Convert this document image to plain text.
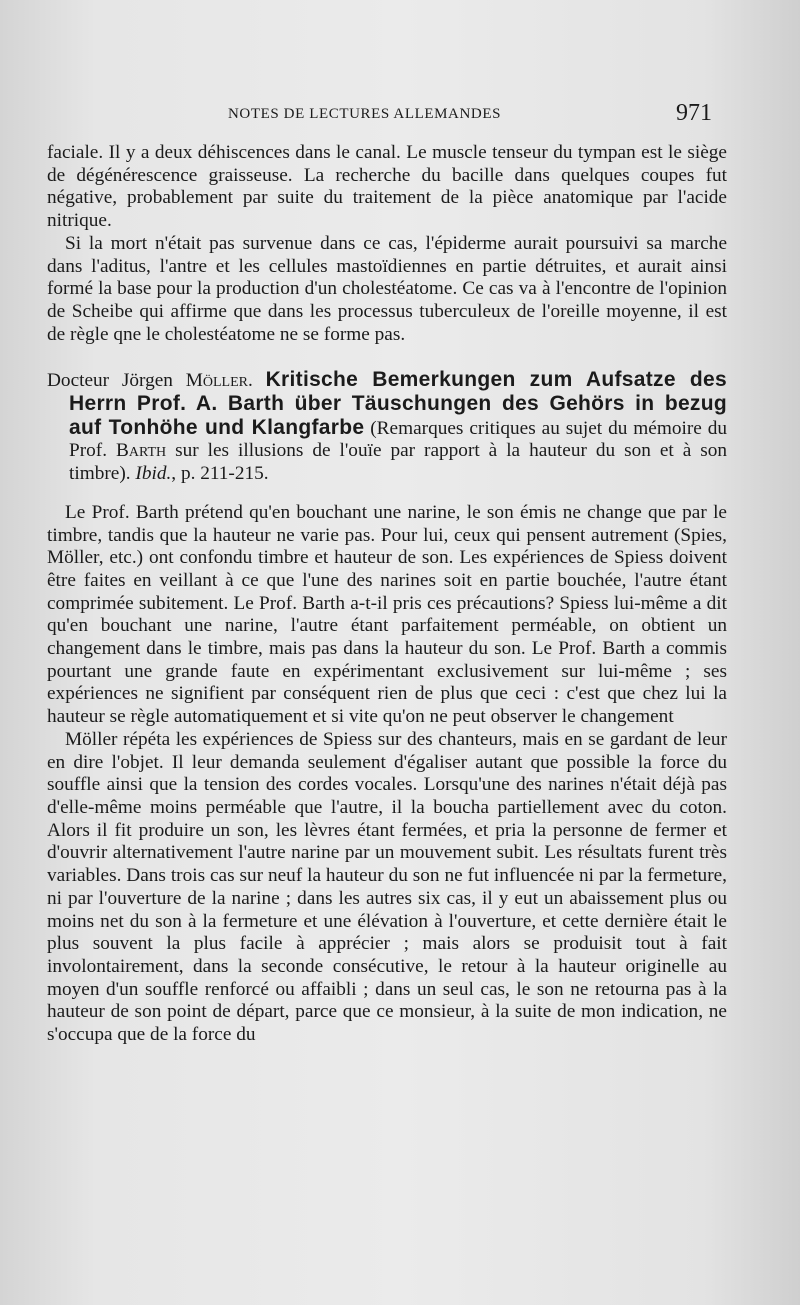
NOTES DE LECTURES ALLEMANDES	971

faciale. Il y a deux déhiscences dans le canal. Le muscle tenseur du tympan est le siège de dégénérescence graisseuse. La recherche du bacille dans quelques coupes fut négative, probablement par suite du traitement de la pièce anatomique par l'acide nitrique.

Si la mort n'était pas survenue dans ce cas, l'épiderme aurait poursuivi sa marche dans l'aditus, l'antre et les cellules mastoïdiennes en partie détruites, et aurait ainsi formé la base pour la production d'un cholestéatome. Ce cas va à l'encontre de l'opinion de Scheibe qui affirme que dans les processus tuberculeux de l'oreille moyenne, il est de règle qne le cholestéatome ne se forme pas.

Docteur Jörgen Möller. Kritische Bemerkungen zum Aufsatze des Herrn Prof. A. Barth über Täuschungen des Gehörs in bezug auf Tonhöhe und Klangfarbe (Remarques critiques au sujet du mémoire du Prof. Barth sur les illusions de l'ouïe par rapport à la hauteur du son et à son timbre). Ibid., p. 211-215.

Le Prof. Barth prétend qu'en bouchant une narine, le son émis ne change que par le timbre, tandis que la hauteur ne varie pas. Pour lui, ceux qui pensent autrement (Spies, Möller, etc.) ont confondu timbre et hauteur de son. Les expériences de Spiess doivent être faites en veillant à ce que l'une des narines soit en partie bouchée, l'autre étant comprimée subitement. Le Prof. Barth a-t-il pris ces précautions? Spiess lui-même a dit qu'en bouchant une narine, l'autre étant parfaitement perméable, on obtient un changement dans le timbre, mais pas dans la hauteur du son. Le Prof. Barth a commis pourtant une grande faute en expérimentant exclusivement sur lui-même ; ses expériences ne signifient par conséquent rien de plus que ceci : c'est que chez lui la hauteur se règle automatiquement et si vite qu'on ne peut observer le changement

Möller répéta les expériences de Spiess sur des chanteurs, mais en se gardant de leur en dire l'objet. Il leur demanda seulement d'égaliser autant que possible la force du souffle ainsi que la tension des cordes vocales. Lorsqu'une des narines n'était déjà pas d'elle-même moins perméable que l'autre, il la boucha partiellement avec du coton. Alors il fit produire un son, les lèvres étant fermées, et pria la personne de fermer et d'ouvrir alternativement l'autre narine par un mouvement subit. Les résultats furent très variables. Dans trois cas sur neuf la hauteur du son ne fut influencée ni par la fermeture, ni par l'ouverture de la narine ; dans les autres six cas, il y eut un abaissement plus ou moins net du son à la fermeture et une élévation à l'ouverture, et cette dernière était le plus souvent la plus facile à apprécier ; mais alors se produisit tout à fait involontairement, dans la seconde consécutive, le retour à la hauteur originelle au moyen d'un souffle renforcé ou affaibli ; dans un seul cas, le son ne retourna pas à la hauteur de son point de départ, parce que ce monsieur, à la suite de mon indication, ne s'occupa que de la force du
